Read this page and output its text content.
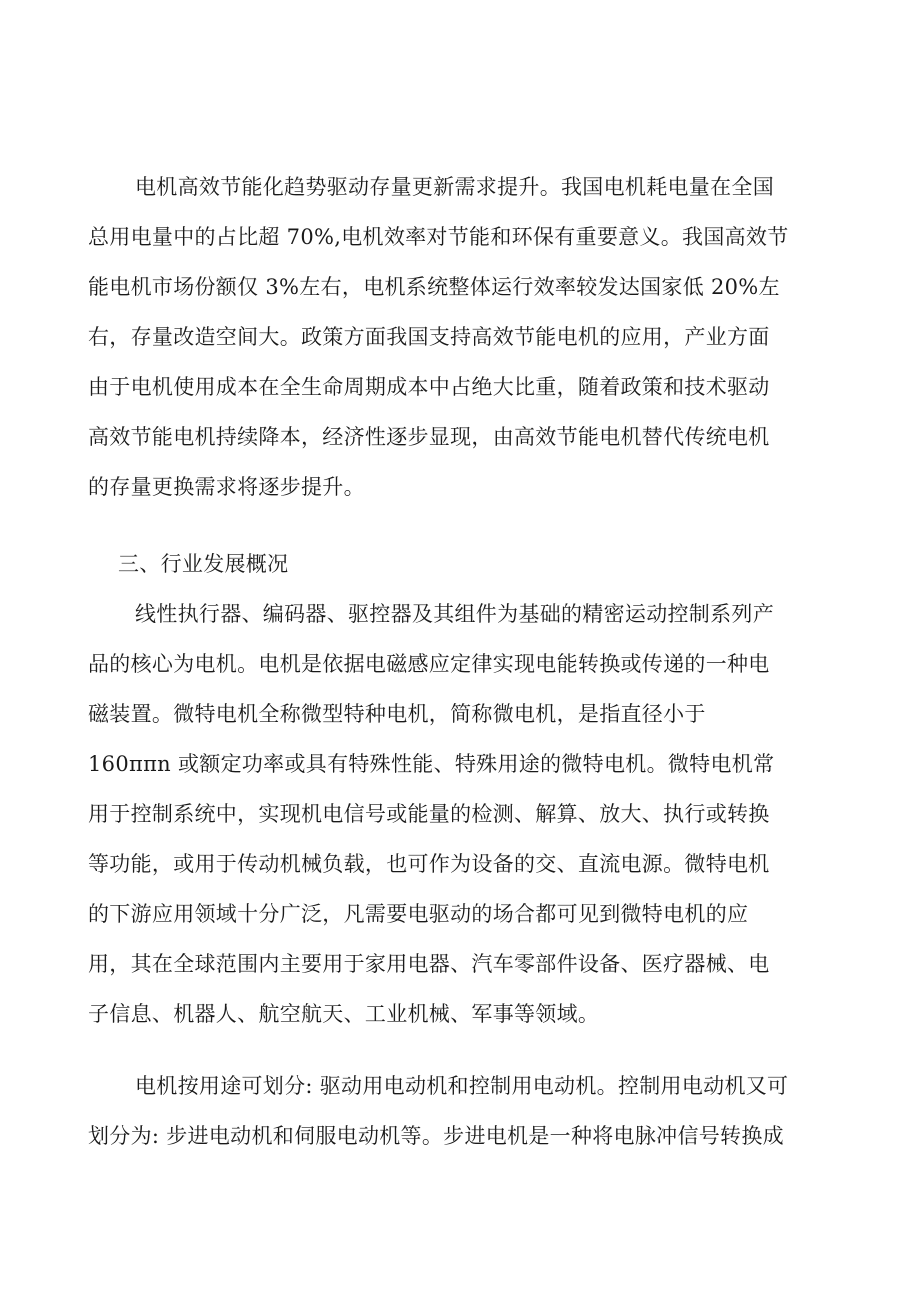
电机高效节能化趋势驱动存量更新需求提升。我国电机耗电量在全国
总用电量中的占比超 70%,电机效率对节能和环保有重要意义。我国高效节
能电机市场份额仅 3%左右，电机系统整体运行效率较发达国家低 20%左
右，存量改造空间大。政策方面我国支持高效节能电机的应用，产业方面
由于电机使用成本在全生命周期成本中占绝大比重，随着政策和技术驱动
高效节能电机持续降本，经济性逐步显现，由高效节能电机替代传统电机
的存量更换需求将逐步提升。
三、行业发展概况
线性执行器、编码器、驱控器及其组件为基础的精密运动控制系列产
品的核心为电机。电机是依据电磁感应定律实现电能转换或传递的一种电
磁装置。微特电机全称微型特种电机，简称微电机，是指直径小于
160ππn 或额定功率或具有特殊性能、特殊用途的微特电机。微特电机常
用于控制系统中，实现机电信号或能量的检测、解算、放大、执行或转换
等功能，或用于传动机械负载，也可作为设备的交、直流电源。微特电机
的下游应用领域十分广泛，凡需要电驱动的场合都可见到微特电机的应
用，其在全球范围内主要用于家用电器、汽车零部件设备、医疗器械、电
子信息、机器人、航空航天、工业机械、军事等领域。
电机按用途可划分: 驱动用电动机和控制用电动机。控制用电动机又可
划分为: 步进电动机和伺服电动机等。步进电机是一种将电脉冲信号转换成
